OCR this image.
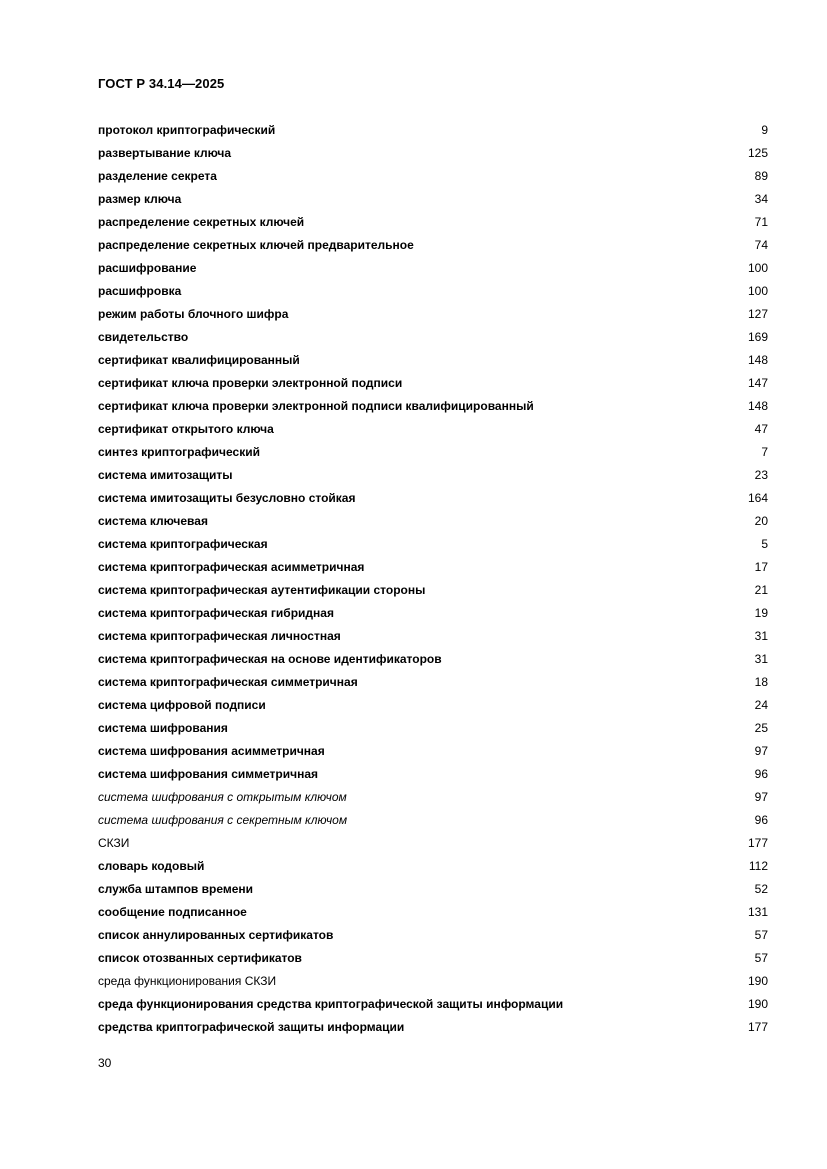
ГОСТ Р 34.14—2025
протокол криптографический	9
развертывание ключа	125
разделение секрета	89
размер ключа	34
распределение секретных ключей	71
распределение секретных ключей предварительное	74
расшифрование	100
расшифровка	100
режим работы блочного шифра	127
свидетельство	169
сертификат квалифицированный	148
сертификат ключа проверки электронной подписи	147
сертификат ключа проверки электронной подписи квалифицированный	148
сертификат открытого ключа	47
синтез криптографический	7
система имитозащиты	23
система имитозащиты безусловно стойкая	164
система ключевая	20
система криптографическая	5
система криптографическая асимметричная	17
система криптографическая аутентификации стороны	21
система криптографическая гибридная	19
система криптографическая личностная	31
система криптографическая на основе идентификаторов	31
система криптографическая симметричная	18
система цифровой подписи	24
система шифрования	25
система шифрования асимметричная	97
система шифрования симметричная	96
система шифрования с открытым ключом	97
система шифрования с секретным ключом	96
СКЗИ	177
словарь кодовый	112
служба штампов времени	52
сообщение подписанное	131
список аннулированных сертификатов	57
список отозванных сертификатов	57
среда функционирования СКЗИ	190
среда функционирования средства криптографической защиты информации	190
средства криптографической защиты информации	177
30
